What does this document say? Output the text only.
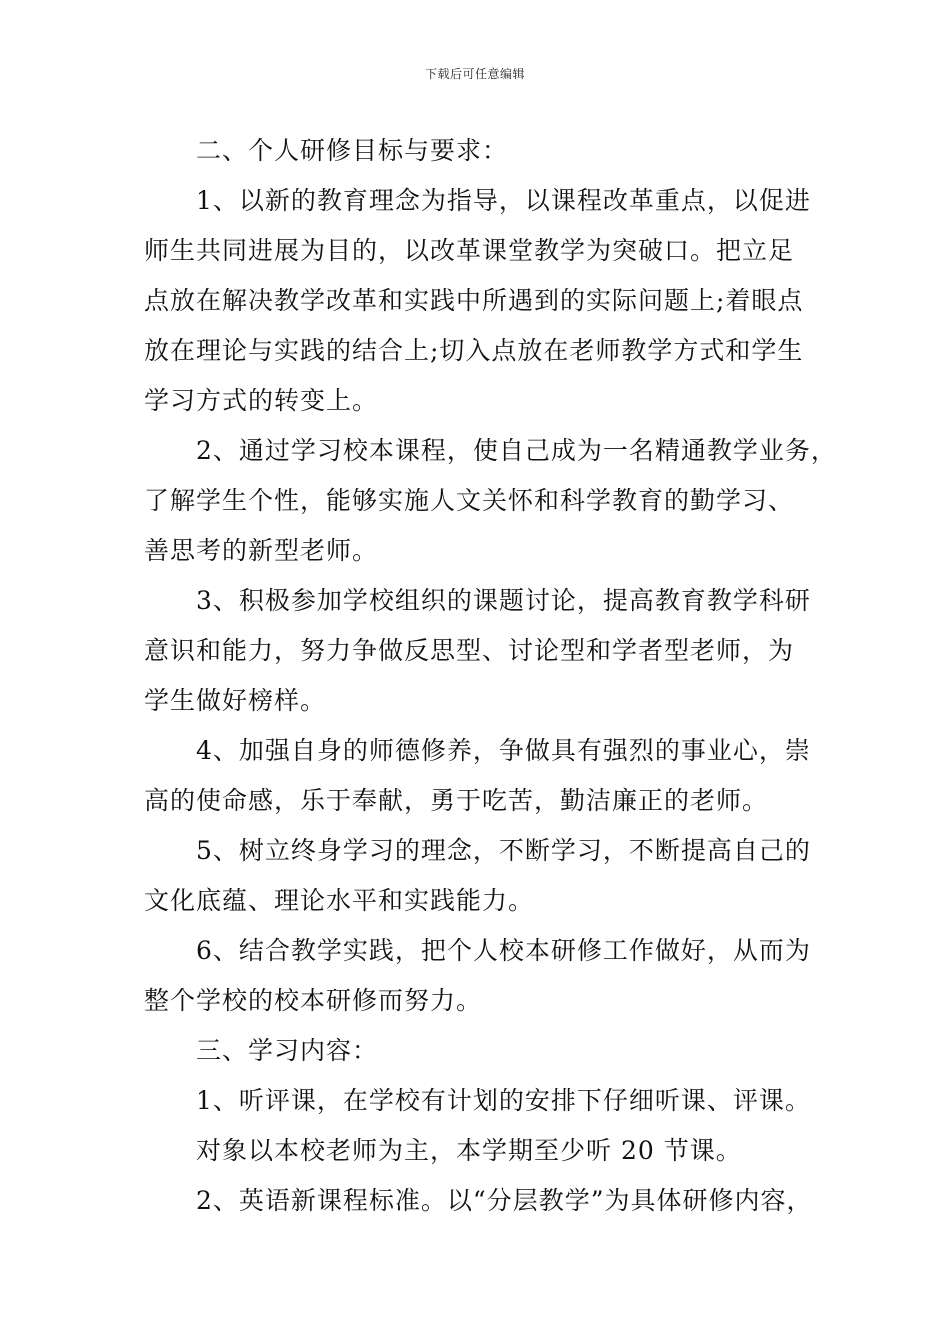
下载后可任意编辑
二、个人研修目标与要求：
1、以新的教育理念为指导，以课程改革重点，以促进
师生共同进展为目的，以改革课堂教学为突破口。把立足
点放在解决教学改革和实践中所遇到的实际问题上;着眼点
放在理论与实践的结合上;切入点放在老师教学方式和学生
学习方式的转变上。
2、通过学习校本课程，使自己成为一名精通教学业务，
了解学生个性，能够实施人文关怀和科学教育的勤学习、
善思考的新型老师。
3、积极参加学校组织的课题讨论，提高教育教学科研
意识和能力，努力争做反思型、讨论型和学者型老师，为
学生做好榜样。
4、加强自身的师德修养，争做具有强烈的事业心，崇
高的使命感，乐于奉献，勇于吃苦，勤洁廉正的老师。
5、树立终身学习的理念，不断学习，不断提高自己的
文化底蕴、理论水平和实践能力。
6、结合教学实践，把个人校本研修工作做好，从而为
整个学校的校本研修而努力。
三、学习内容：
1、听评课，在学校有计划的安排下仔细听课、评课。
对象以本校老师为主，本学期至少听 20 节课。
2、英语新课程标准。以“分层教学”为具体研修内容，
